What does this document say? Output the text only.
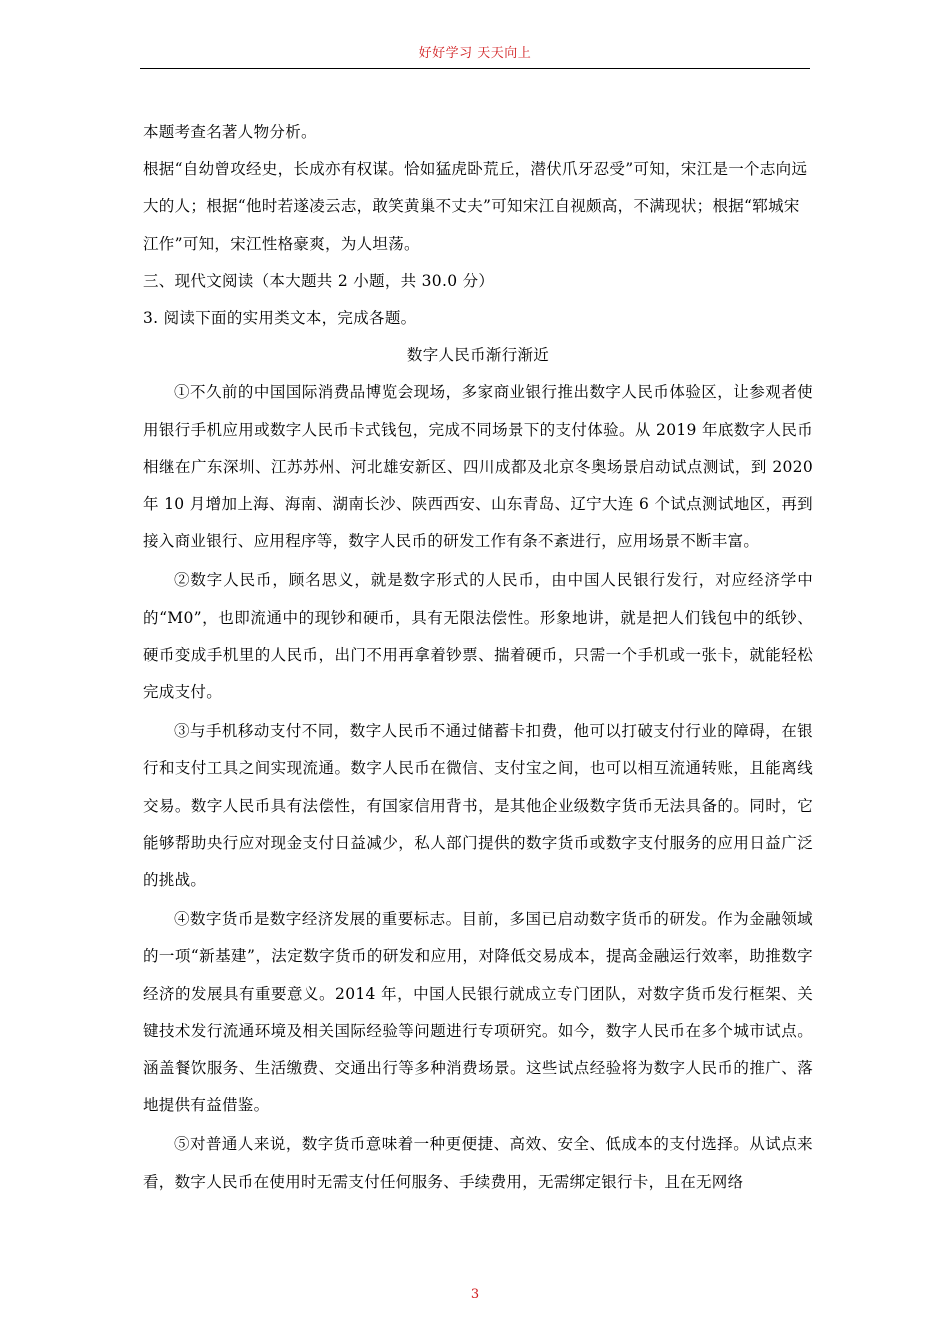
好好学习 天天向上

本题考查名著人物分析。

根据“自幼曾攻经史，长成亦有权谋。恰如猛虎卧荒丘，潜伏爪牙忍受”可知，宋江是一个志向远大的人；根据“他时若遂凌云志，敢笑黄巢不丈夫”可知宋江自视颇高，不满现状；根据“郓城宋江作”可知，宋江性格豪爽，为人坦荡。

三、现代文阅读（本大题共 2 小题，共 30.0 分）

3. 阅读下面的实用类文本，完成各题。

数字人民币渐行渐近

①不久前的中国国际消费品博览会现场，多家商业银行推出数字人民币体验区，让参观者使用银行手机应用或数字人民币卡式钱包，完成不同场景下的支付体验。从 2019 年底数字人民币相继在广东深圳、江苏苏州、河北雄安新区、四川成都及北京冬奥场景启动试点测试，到 2020 年 10 月增加上海、海南、湖南长沙、陕西西安、山东青岛、辽宁大连 6 个试点测试地区，再到接入商业银行、应用程序等，数字人民币的研发工作有条不紊进行，应用场景不断丰富。

②数字人民币，顾名思义，就是数字形式的人民币，由中国人民银行发行，对应经济学中的“M0”，也即流通中的现钞和硬币，具有无限法偿性。形象地讲，就是把人们钱包中的纸钞、硬币变成手机里的人民币，出门不用再拿着钞票、揣着硬币，只需一个手机或一张卡，就能轻松完成支付。

③与手机移动支付不同，数字人民币不通过储蓄卡扣费，他可以打破支付行业的障碍，在银行和支付工具之间实现流通。数字人民币在微信、支付宝之间，也可以相互流通转账，且能离线交易。数字人民币具有法偿性，有国家信用背书，是其他企业级数字货币无法具备的。同时，它能够帮助央行应对现金支付日益减少，私人部门提供的数字货币或数字支付服务的应用日益广泛的挑战。

④数字货币是数字经济发展的重要标志。目前，多国已启动数字货币的研发。作为金融领域的一项“新基建”，法定数字货币的研发和应用，对降低交易成本，提高金融运行效率，助推数字经济的发展具有重要意义。2014 年，中国人民银行就成立专门团队，对数字货币发行框架、关键技术发行流通环境及相关国际经验等问题进行专项研究。如今，数字人民币在多个城市试点。涵盖餐饮服务、生活缴费、交通出行等多种消费场景。这些试点经验将为数字人民币的推广、落地提供有益借鉴。

⑤对普通人来说，数字货币意味着一种更便捷、高效、安全、低成本的支付选择。从试点来看，数字人民币在使用时无需支付任何服务、手续费用，无需绑定银行卡，且在无网络

3
